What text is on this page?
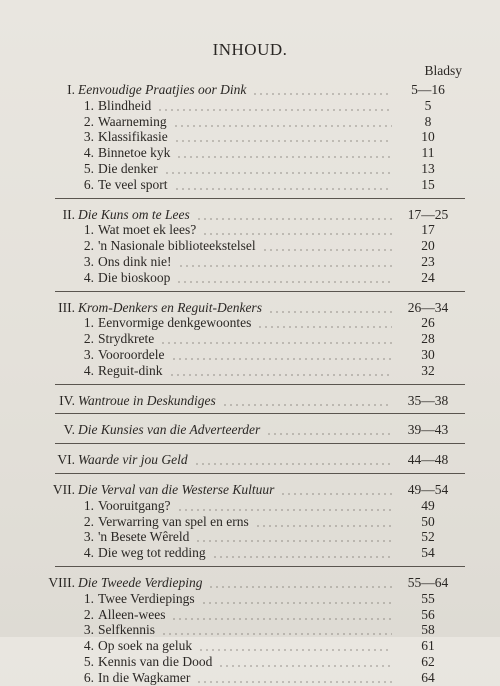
INHOUD.
Bladsy
I. Eenvoudige Praatjies oor Dink	5—16
1. Blindheid	5
2. Waarneming	8
3. Klassifikasie	10
4. Binnetoe kyk	11
5. Die denker	13
6. Te veel sport	15
II. Die Kuns om te Lees	17—25
1. Wat moet ek lees?	17
2. 'n Nasionale biblioteekstelsel	20
3. Ons dink nie!	23
4. Die bioskoop	24
III. Krom-Denkers en Reguit-Denkers	26—34
1. Eenvormige denkgewoontes	26
2. Strydkrete	28
3. Vooroordele	30
4. Reguit-dink	32
IV. Wantroue in Deskundiges	35—38
V. Die Kunsies van die Adverteerder	39—43
VI. Waarde vir jou Geld	44—48
VII. Die Verval van die Westerse Kultuur	49—54
1. Vooruitgang?	49
2. Verwarring van spel en erns	50
3. 'n Besete Wêreld	52
4. Die weg tot redding	54
VIII. Die Tweede Verdieping	55—64
1. Twee Verdiepings	55
2. Alleen-wees	56
3. Selfkennis	58
4. Op soek na geluk	61
5. Kennis van die Dood	62
6. In die Wagkamer	64
